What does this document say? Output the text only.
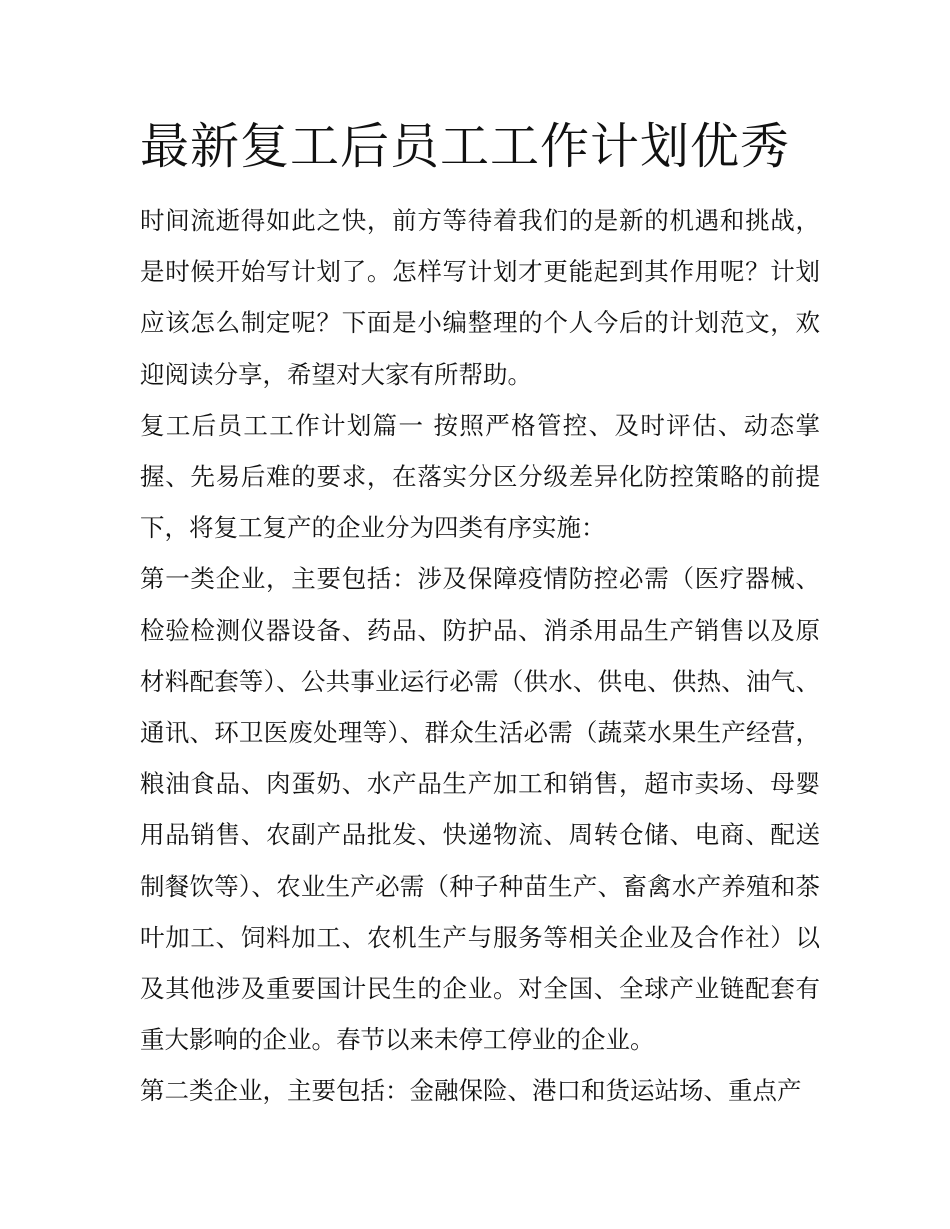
最新复工后员工工作计划优秀

时间流逝得如此之快，前方等待着我们的是新的机遇和挑战，是时候开始写计划了。怎样写计划才更能起到其作用呢？计划应该怎么制定呢？下面是小编整理的个人今后的计划范文，欢迎阅读分享，希望对大家有所帮助。

复工后员工工作计划篇一 按照严格管控、及时评估、动态掌握、先易后难的要求，在落实分区分级差异化防控策略的前提下，将复工复产的企业分为四类有序实施：

第一类企业，主要包括：涉及保障疫情防控必需（医疗器械、检验检测仪器设备、药品、防护品、消杀用品生产销售以及原材料配套等）、公共事业运行必需（供水、供电、供热、油气、通讯、环卫医废处理等）、群众生活必需（蔬菜水果生产经营，粮油食品、肉蛋奶、水产品生产加工和销售，超市卖场、母婴用品销售、农副产品批发、快递物流、周转仓储、电商、配送制餐饮等）、农业生产必需（种子种苗生产、畜禽水产养殖和茶叶加工、饲料加工、农机生产与服务等相关企业及合作社）以及其他涉及重要国计民生的企业。对全国、全球产业链配套有重大影响的企业。春节以来未停工停业的企业。

第二类企业，主要包括：金融保险、港口和货运站场、重点产
